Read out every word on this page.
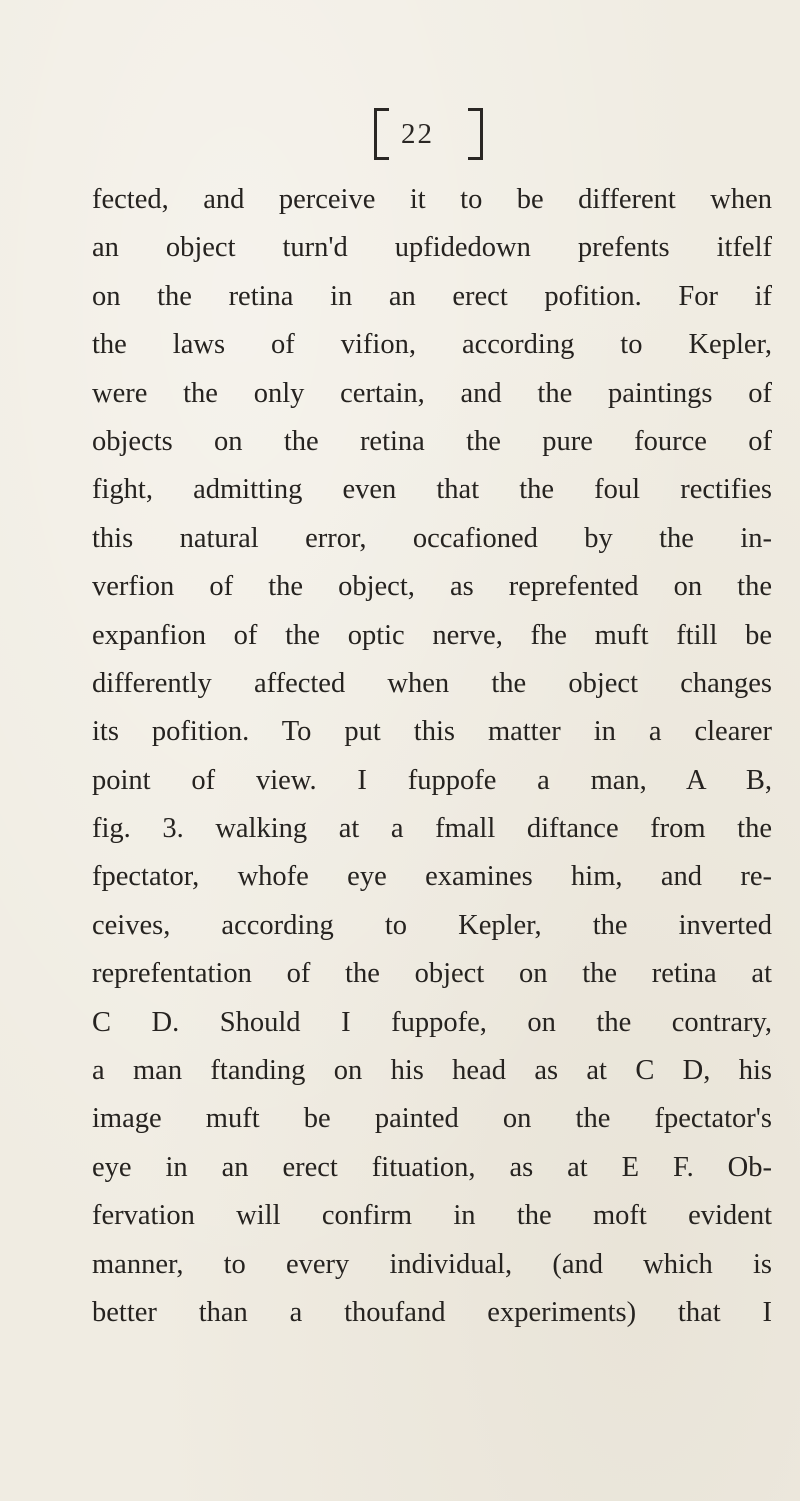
22
fected, and perceive it to be different when
an object turn'd upfidedown prefents itfelf
on the retina in an erect pofition. For if
the laws of vifion, according to Kepler,
were the only certain, and the paintings of
objects on the retina the pure fource of
fight, admitting even that the foul rectifies
this natural error, occafioned by the in-
verfion of the object, as reprefented on the
expanfion of the optic nerve, fhe muft ftill be
differently affected when the object changes
its pofition. To put this matter in a clearer
point of view. I fuppofe a man, A B,
fig. 3. walking at a fmall diftance from the
fpectator, whofe eye examines him, and re-
ceives, according to Kepler, the inverted
reprefentation of the object on the retina at
C D. Should I fuppofe, on the contrary,
a man ftanding on his head as at C D, his
image muft be painted on the fpectator's
eye in an erect fituation, as at E F. Ob-
fervation will confirm in the moft evident
manner, to every individual, (and which is
better than a thoufand experiments) that I
